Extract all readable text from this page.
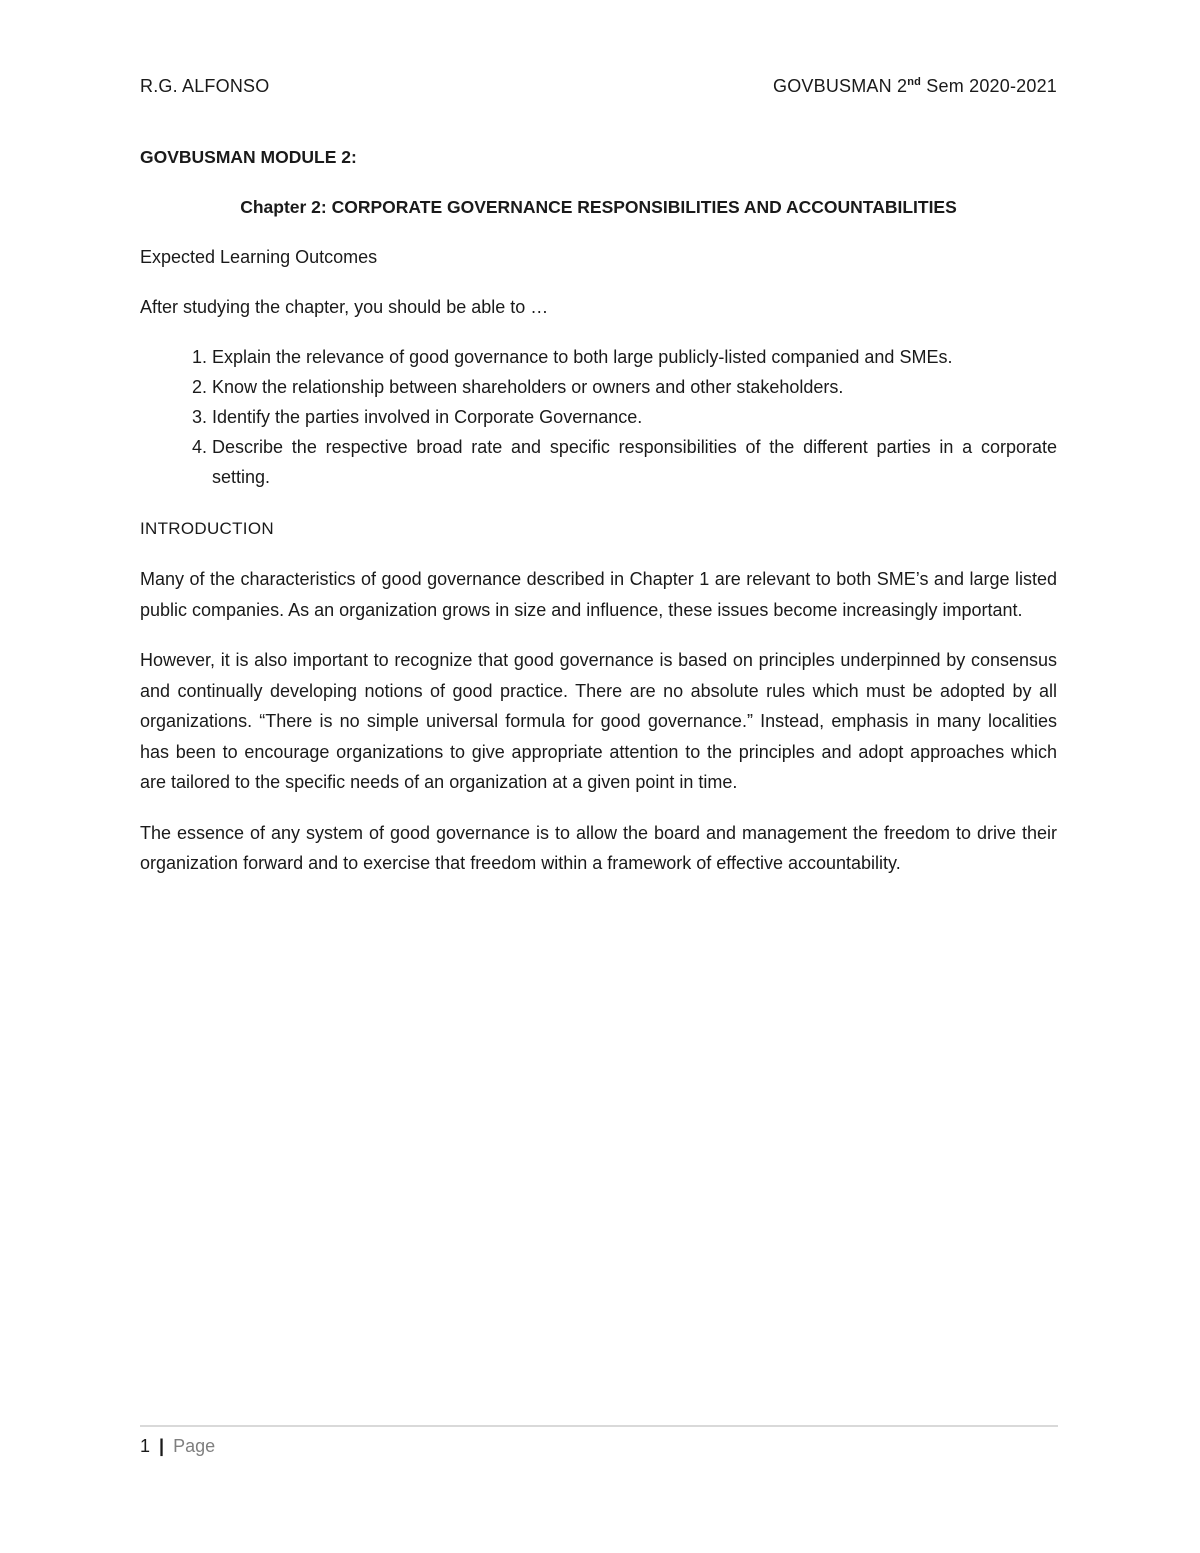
R.G. ALFONSO	GOVBUSMAN 2nd Sem 2020-2021

GOVBUSMAN MODULE 2:

Chapter 2: CORPORATE GOVERNANCE RESPONSIBILITIES AND ACCOUNTABILITIES

Expected Learning Outcomes

After studying the chapter, you should be able to …

1. Explain the relevance of good governance to both large publicly-listed companied and SMEs.
2. Know the relationship between shareholders or owners and other stakeholders.
3. Identify the parties involved in Corporate Governance.
4. Describe the respective broad rate and specific responsibilities of the different parties in a corporate setting.

INTRODUCTION

Many of the characteristics of good governance described in Chapter 1 are relevant to both SME’s and large listed public companies. As an organization grows in size and influence, these issues become increasingly important.

However, it is also important to recognize that good governance is based on principles underpinned by consensus and continually developing notions of good practice. There are no absolute rules which must be adopted by all organizations. “There is no simple universal formula for good governance.” Instead, emphasis in many localities has been to encourage organizations to give appropriate attention to the principles and adopt approaches which are tailored to the specific needs of an organization at a given point in time.

The essence of any system of good governance is to allow the board and management the freedom to drive their organization forward and to exercise that freedom within a framework of effective accountability.

1 | Page
